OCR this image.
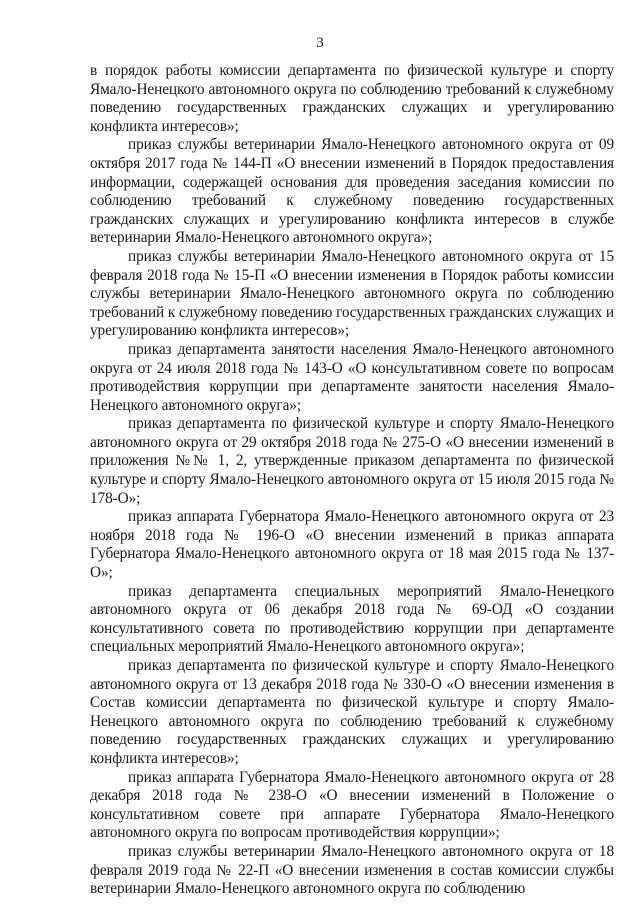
3

в порядок работы комиссии департамента по физической культуре и спорту Ямало-Ненецкого автономного округа по соблюдению требований к служебному поведению государственных гражданских служащих и урегулированию конфликта интересов»;

приказ службы ветеринарии Ямало-Ненецкого автономного округа от 09 октября 2017 года № 144-П «О внесении изменений в Порядок предоставления информации, содержащей основания для проведения заседания комиссии по соблюдению требований к служебному поведению государственных гражданских служащих и урегулированию конфликта интересов в службе ветеринарии Ямало-Ненецкого автономного округа»;

приказ службы ветеринарии Ямало-Ненецкого автономного округа от 15 февраля 2018 года № 15-П «О внесении изменения в Порядок работы комиссии службы ветеринарии Ямало-Ненецкого автономного округа по соблюдению требований к служебному поведению государственных гражданских служащих и урегулированию конфликта интересов»;

приказ департамента занятости населения Ямало-Ненецкого автономного округа от 24 июля 2018 года № 143-О «О консультативном совете по вопросам противодействия коррупции при департаменте занятости населения Ямало-Ненецкого автономного округа»;

приказ департамента по физической культуре и спорту Ямало-Ненецкого автономного округа от 29 октября 2018 года № 275-О «О внесении изменений в приложения №№ 1, 2, утвержденные приказом департамента по физической культуре и спорту Ямало-Ненецкого автономного округа от 15 июля 2015 года № 178-О»;

приказ аппарата Губернатора Ямало-Ненецкого автономного округа от 23 ноября 2018 года № 196-О «О внесении изменений в приказ аппарата Губернатора Ямало-Ненецкого автономного округа от 18 мая 2015 года № 137-О»;

приказ департамента специальных мероприятий Ямало-Ненецкого автономного округа от 06 декабря 2018 года № 69-ОД «О создании консультативного совета по противодействию коррупции при департаменте специальных мероприятий Ямало-Ненецкого автономного округа»;

приказ департамента по физической культуре и спорту Ямало-Ненецкого автономного округа от 13 декабря 2018 года № 330-О «О внесении изменения в Состав комиссии департамента по физической культуре и спорту Ямало-Ненецкого автономного округа по соблюдению требований к служебному поведению государственных гражданских служащих и урегулированию конфликта интересов»;

приказ аппарата Губернатора Ямало-Ненецкого автономного округа от 28 декабря 2018 года № 238-О «О внесении изменений в Положение о консультативном совете при аппарате Губернатора Ямало-Ненецкого автономного округа по вопросам противодействия коррупции»;

приказ службы ветеринарии Ямало-Ненецкого автономного округа от 18 февраля 2019 года № 22-П «О внесении изменения в состав комиссии службы ветеринарии Ямало-Ненецкого автономного округа по соблюдению
